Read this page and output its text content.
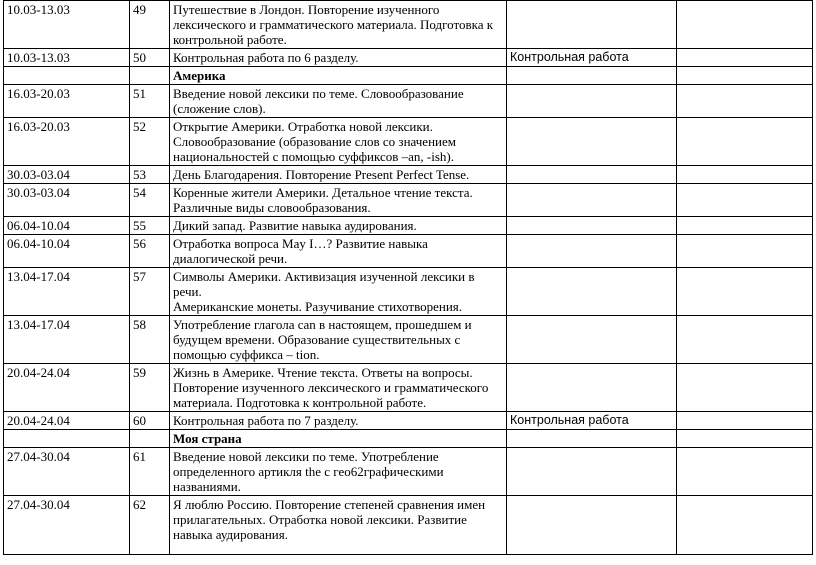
10.03-13.03	49	Путешествие в Лондон. Повторение изученного лексического и грамматического материала. Подготовка к контрольной работе.		
10.03-13.03	50	Контрольная работа по 6 разделу.	Контрольная работа	
		Америка		
16.03-20.03	51	Введение новой лексики по теме. Словообразование (сложение слов).		
16.03-20.03	52	Открытие Америки. Отработка новой лексики. Словообразование (образование слов со значением национальностей с помощью суффиксов –an, -ish).		
30.03-03.04	53	День Благодарения. Повторение Present Perfect Tense.		
30.03-03.04	54	Коренные жители Америки. Детальное чтение текста. Различные виды словообразования.		
06.04-10.04	55	Дикий запад. Развитие навыка аудирования.		
06.04-10.04	56	Отработка вопроса May I…? Развитие навыка диалогической речи.		
13.04-17.04	57	Символы Америки. Активизация изученной лексики в речи.
Американские монеты. Разучивание стихотворения.		

13.04-17.04	58	Употребление глагола can в настоящем, прошедшем и будущем времени. Образование существительных с помощью суффикса – tion.		
20.04-24.04	59	Жизнь в Америке. Чтение текста. Ответы на вопросы. Повторение изученного лексического и грамматического материала. Подготовка к контрольной работе.		
20.04-24.04	60	Контрольная работа по 7 разделу.	Контрольная работа	
		Моя страна		
27.04-30.04	61	Введение новой лексики по теме. Употребление определенного артикля the с гео62графическими названиями.		
27.04-30.04	62	Я люблю Россию. Повторение степеней сравнения имен прилагательных. Отработка новой лексики. Развитие навыка аудирования.		
